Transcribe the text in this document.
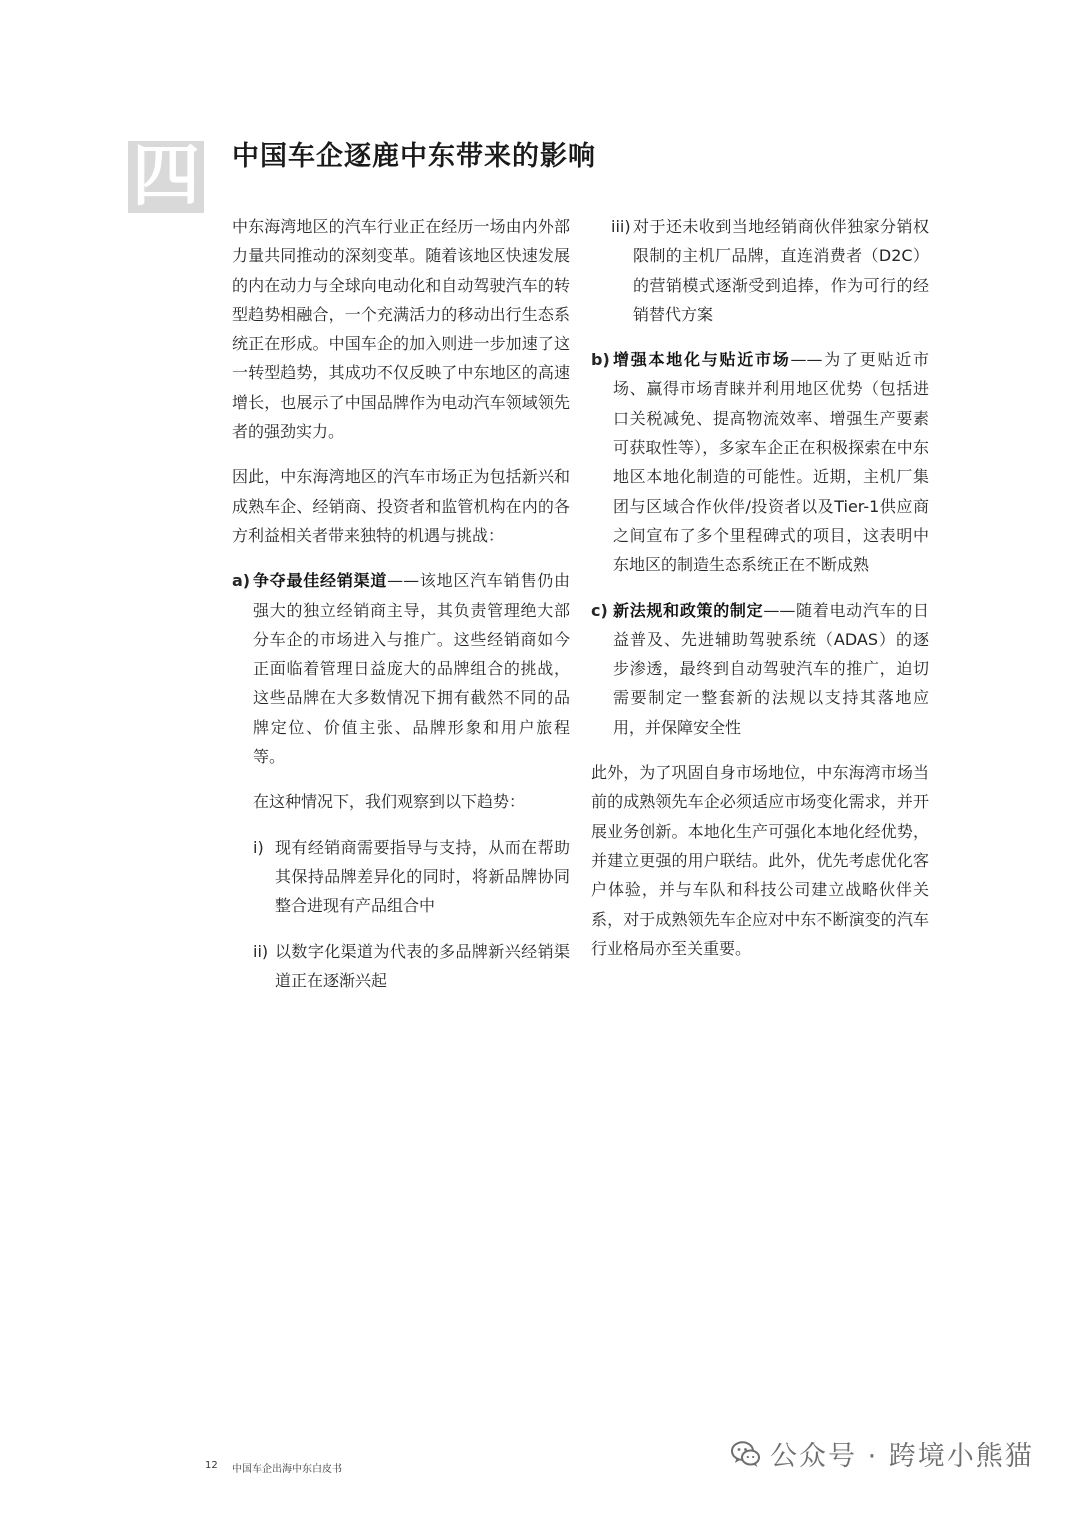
四 中国车企逐鹿中东带来的影响

中东海湾地区的汽车行业正在经历一场由内外部力量共同推动的深刻变革。随着该地区快速发展的内在动力与全球向电动化和自动驾驶汽车的转型趋势相融合，一个充满活力的移动出行生态系统正在形成。中国车企的加入则进一步加速了这一转型趋势，其成功不仅反映了中东地区的高速增长，也展示了中国品牌作为电动汽车领域领先者的强劲实力。

因此，中东海湾地区的汽车市场正为包括新兴和成熟车企、经销商、投资者和监管机构在内的各方利益相关者带来独特的机遇与挑战：

a) 争夺最佳经销渠道——该地区汽车销售仍由强大的独立经销商主导，其负责管理绝大部分车企的市场进入与推广。这些经销商如今正面临着管理日益庞大的品牌组合的挑战，这些品牌在大多数情况下拥有截然不同的品牌定位、价值主张、品牌形象和用户旅程等。

在这种情况下，我们观察到以下趋势：

i) 现有经销商需要指导与支持，从而在帮助其保持品牌差异化的同时，将新品牌协同整合进现有产品组合中
ii) 以数字化渠道为代表的多品牌新兴经销渠道正在逐渐兴起
iii) 对于还未收到当地经销商伙伴独家分销权限制的主机厂品牌，直连消费者（D2C）的营销模式逐渐受到追捧，作为可行的经销替代方案
b) 增强本地化与贴近市场——为了更贴近市场、赢得市场青睐并利用地区优势（包括进口关税减免、提高物流效率、增强生产要素可获取性等），多家车企正在积极探索在中东地区本地化制造的可能性。近期，主机厂集团与区域合作伙伴/投资者以及Tier-1供应商之间宣布了多个里程碑式的项目，这表明中东地区的制造生态系统正在不断成熟
c) 新法规和政策的制定——随着电动汽车的日益普及、先进辅助驾驶系统（ADAS）的逐步渗透，最终到自动驾驶汽车的推广，迫切需要制定一整套新的法规以支持其落地应用，并保障安全性

此外，为了巩固自身市场地位，中东海湾市场当前的成熟领先车企必须适应市场变化需求，并开展业务创新。本地化生产可强化本地化经优势，并建立更强的用户联结。此外，优先考虑优化客户体验，并与车队和科技公司建立战略伙伴关系，对于成熟领先车企应对中东不断演变的汽车行业格局亦至关重要。

12 中国车企出海中东白皮书	公众号 · 跨境小熊猫
